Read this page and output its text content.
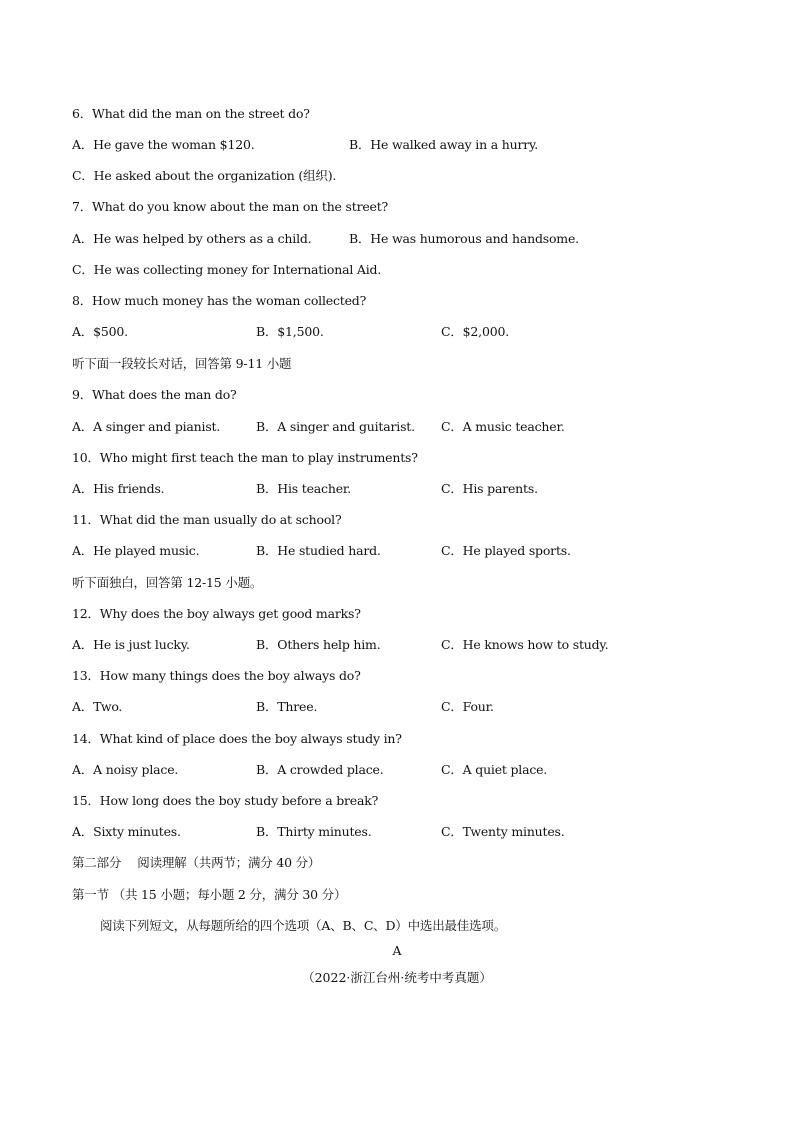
6．What did the man on the street do?
A．He gave the woman $120.	B．He walked away in a hurry.
C．He asked about the organization (组织).
7．What do you know about the man on the street?
A．He was helped by others as a child.	B．He was humorous and handsome.
C．He was collecting money for International Aid.
8．How much money has the woman collected?
A．$500.	B．$1,500.	C．$2,000.
听下面一段较长对话，回答第 9-11 小题
9．What does the man do?
A．A singer and pianist.	B．A singer and guitarist. C．A music teacher.
10．Who might first teach the man to play instruments?
A．His friends.	B．His teacher.	C．His parents.
11．What did the man usually do at school?
A．He played music.	B．He studied hard.	C．He played sports.
听下面独白，回答第 12-15 小题。
12．Why does the boy always get good marks?
A．He is just lucky.	B．Others help him.	C．He knows how to study.
13．How many things does the boy always do?
A．Two.	B．Three.	C．Four.
14．What kind of place does the boy always study in?
A．A noisy place.	B．A crowded place.	C．A quiet place.
15．How long does the boy study before a break?
A．Sixty minutes.	B．Thirty minutes.	C．Twenty minutes.
第二部分　 阅读理解（共两节；满分 40 分）
第一节 （共 15 小题；每小题 2 分，满分 30 分）
阅读下列短文，从每题所给的四个选项（A、B、C、D）中选出最佳选项。
A
（2022·浙江台州·统考中考真题）
